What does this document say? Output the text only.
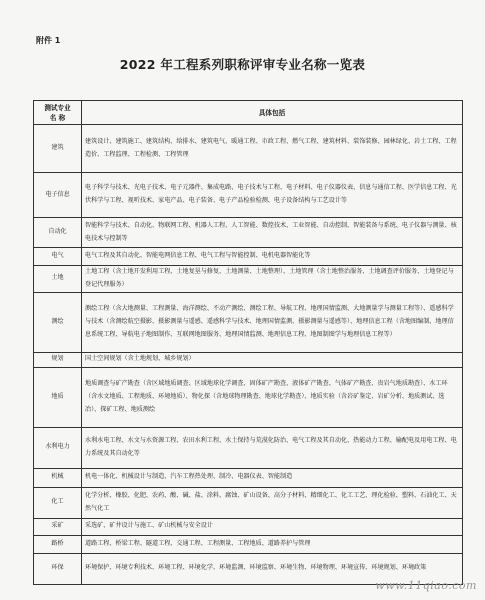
附件 1
2022 年工程系列职称评审专业名称一览表
测试专业
名 称	具体包括
建筑	建筑设计、建筑施工、建筑结构、给排水、建筑电气、暖通工程、市政工程、燃气工程、建筑材料、装饰装修、园林绿化、岩土工程、工程造价、工程监理、工程检测、工程管理
电子信息	电子科学与技术、光电子技术、电子元器件、集成电路、电子技术与工程、电子材料、电子仪器仪表、信息与通信工程、医学信息工程、光伏科学与工程、视听技术、家电产品、电子装备、电子产品检验检测、电子设备结构与工艺设计等
自动化	智能科学与技术、自动化、物联网工程、机器人工程、人工智能、数控技术、工业智能、自动控制、智能装备与系统、电子仪器与测量、核电技术与控制等
电气	电气工程及其自动化、智能电网信息工程、电气工程与智能控制、电机电器智能化等
土地	土地工程（含土地开发利用工程、土地复垦与修复、土地测量、土地整理）、土地管理（含土地整治服务、土地调查评价服务、土地登记与登记代理服务）
测绘	测绘工程（含大地测量、工程测量、海洋测绘、不动产测绘、测绘工程、导航工程、地理国情监测、大地测量学与测量工程等）、遥感科学与技术（含测绘航空摄影、摄影测量与遥感、遥感科学与技术、地理国情监测、摄影测量与遥感等）、地理信息工程（含地图编制、地理信息系统工程、导航电子地图制作、互联网地图服务、地理国情监测、地理信息工程、地图制图学与地理信息工程等）
规划	国土空间规划（含土地规划、城乡规划）
地质	地质调查与矿产勘查（含区域地质调查、区域地球化学调查、固体矿产勘查、液体矿产勘查、气体矿产勘查、贵岩气地质勘查）、水工环（含水文地质、工程地质、环境地质）、物化探（含地球物理勘查、地球化学勘查）、地质实验（含岩矿鉴定、岩矿分析、地质测试、选冶）、探矿工程、地质测绘
水利电力	水利水电工程、水文与水资源工程、农田水利工程、水土保持与荒漠化防治、电气工程及其自动化、热能动力工程、输配电及用电工程、电力系统及其自动化等
机械	机电一体化、机械设计与制造、汽车工程热处理、制冷、电器仪表、智能制造
化工	化学分析、橡胶、化肥、农药、酸、碱、盐、涂料、腐蚀、矿山设备、高分子材料、精细化工、化工工艺、理化检验、塑料、石油化工、天然气化工
采矿	采选矿、矿井设计与施工、矿山机械与安全设计
路桥	道路工程、桥梁工程、隧道工程、交通工程、工程测量、工程地质、道路养护与管理
环保	环境保护、环境专利技术、环境工程、环境化学、环境监测、环境监察、环境生物、环境物理、环境宣传、环境规划、环境政策
www.11qiao.com
